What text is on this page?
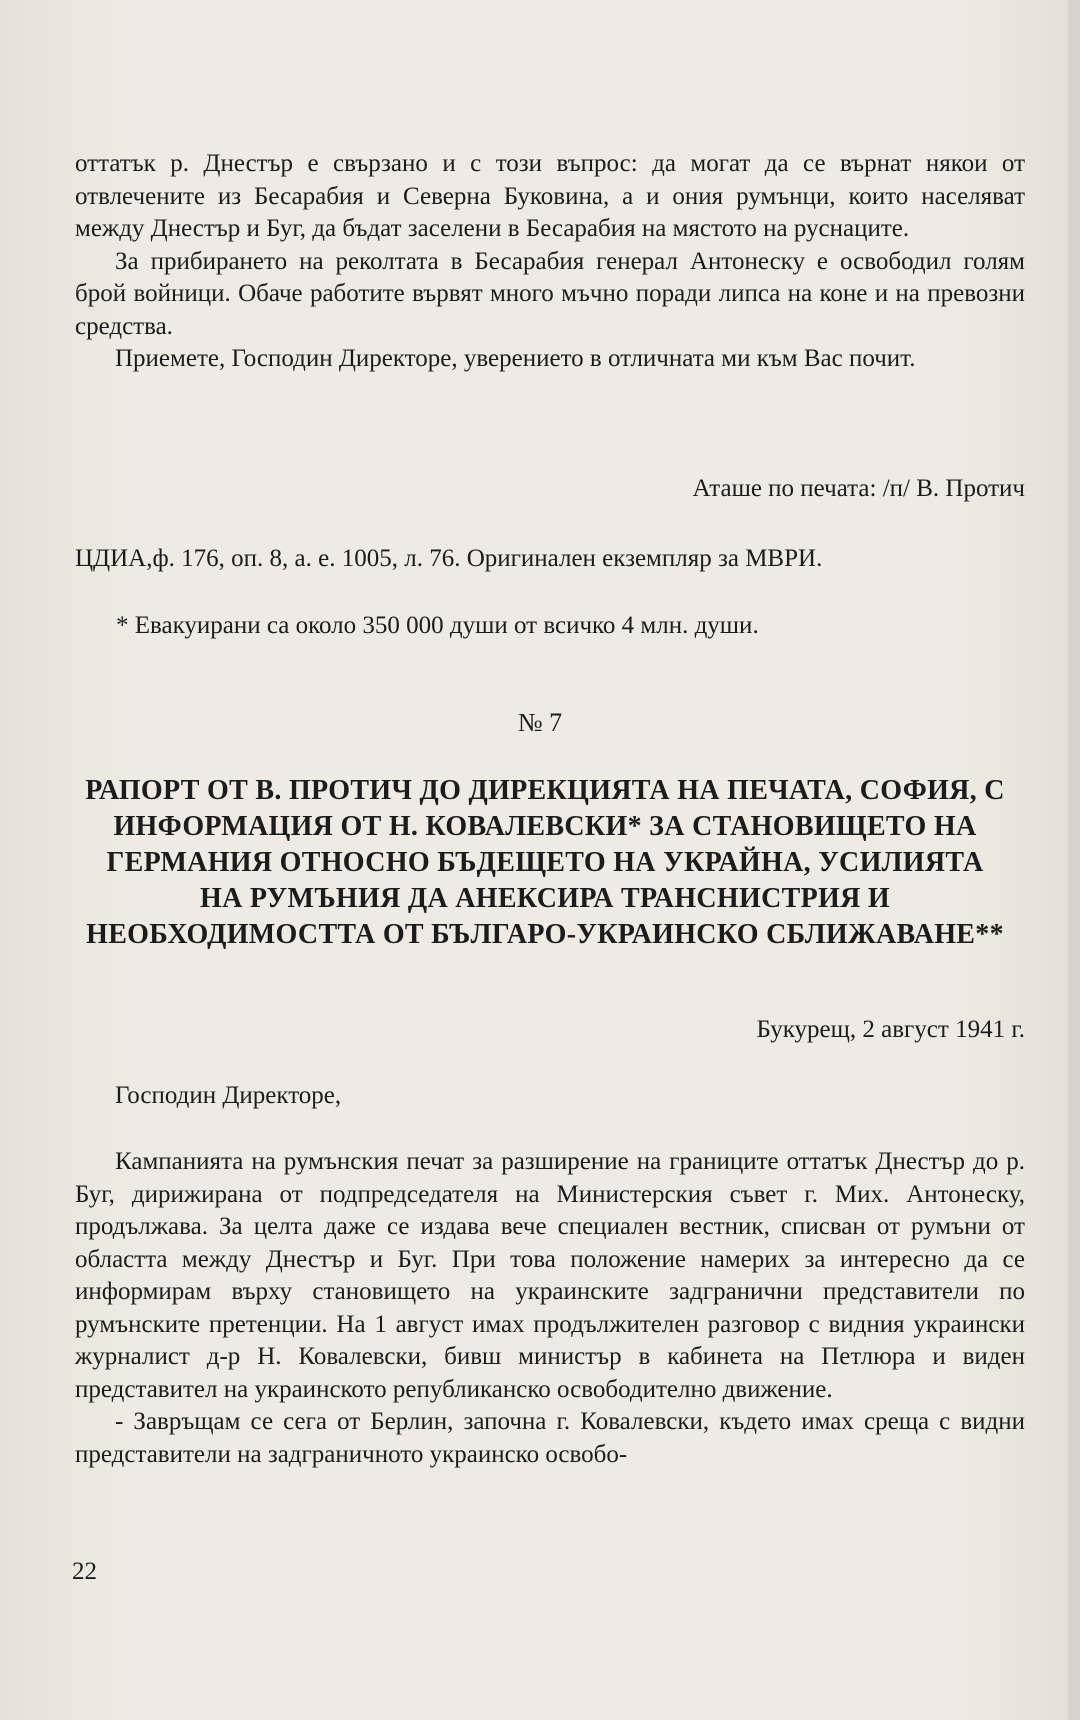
оттатък р. Днестър е свързано и с този въпрос: да могат да се върнат някои от отвлечените из Бесарабия и Северна Буковина, а и ония румънци, които населяват между Днестър и Буг, да бъдат заселени в Бесарабия на мястото на руснаците.

За прибирането на реколтата в Бесарабия генерал Антонеску е освободил голям брой войници. Обаче работите вървят много мъчно поради липса на коне и на превозни средства.

Приемете, Господин Директоре, уверението в отличната ми към Вас почит.

Аташе по печата: /п/ В. Протич
ЦДИА,ф. 176, оп. 8, а. е. 1005, л. 76. Оригинален екземпляр за МВРИ.
* Евакуирани са около 350 000 души от всичко 4 млн. души.
№ 7
РАПОРТ ОТ В. ПРОТИЧ ДО ДИРЕКЦИЯТА НА ПЕЧАТА, СОФИЯ, С ИНФОРМАЦИЯ ОТ Н. КОВАЛЕВСКИ* ЗА СТАНОВИЩЕТО НА ГЕРМАНИЯ ОТНОСНО БЪДЕЩЕТО НА УКРАЙНА, УСИЛИЯТА НА РУМЪНИЯ ДА АНЕКСИРА ТРАНСНИСТРИЯ И НЕОБХОДИМОСТТА ОТ БЪЛГАРО-УКРАИНСКО СБЛИЖАВАНЕ**
Букурещ, 2 август 1941 г.
Господин Директоре,

Кампанията на румънския печат за разширение на границите оттатък Днестър до р. Буг, дирижирана от подпредседателя на Министерския съвет г. Мих. Антонеску, продължава. За целта даже се издава вече специален вестник, списван от румъни от областта между Днестър и Буг. При това положение намерих за интересно да се информирам върху становището на украинските задгранични представители по румънските претенции. На 1 август имах продължителен разговор с видния украински журналист д-р Н. Ковалевски, бивш министър в кабинета на Петлюра и виден представител на украинското републиканско освободително движение.

- Завръщам се сега от Берлин, започна г. Ковалевски, където имах среща с видни представители на задграничното украинско освобо-

22
